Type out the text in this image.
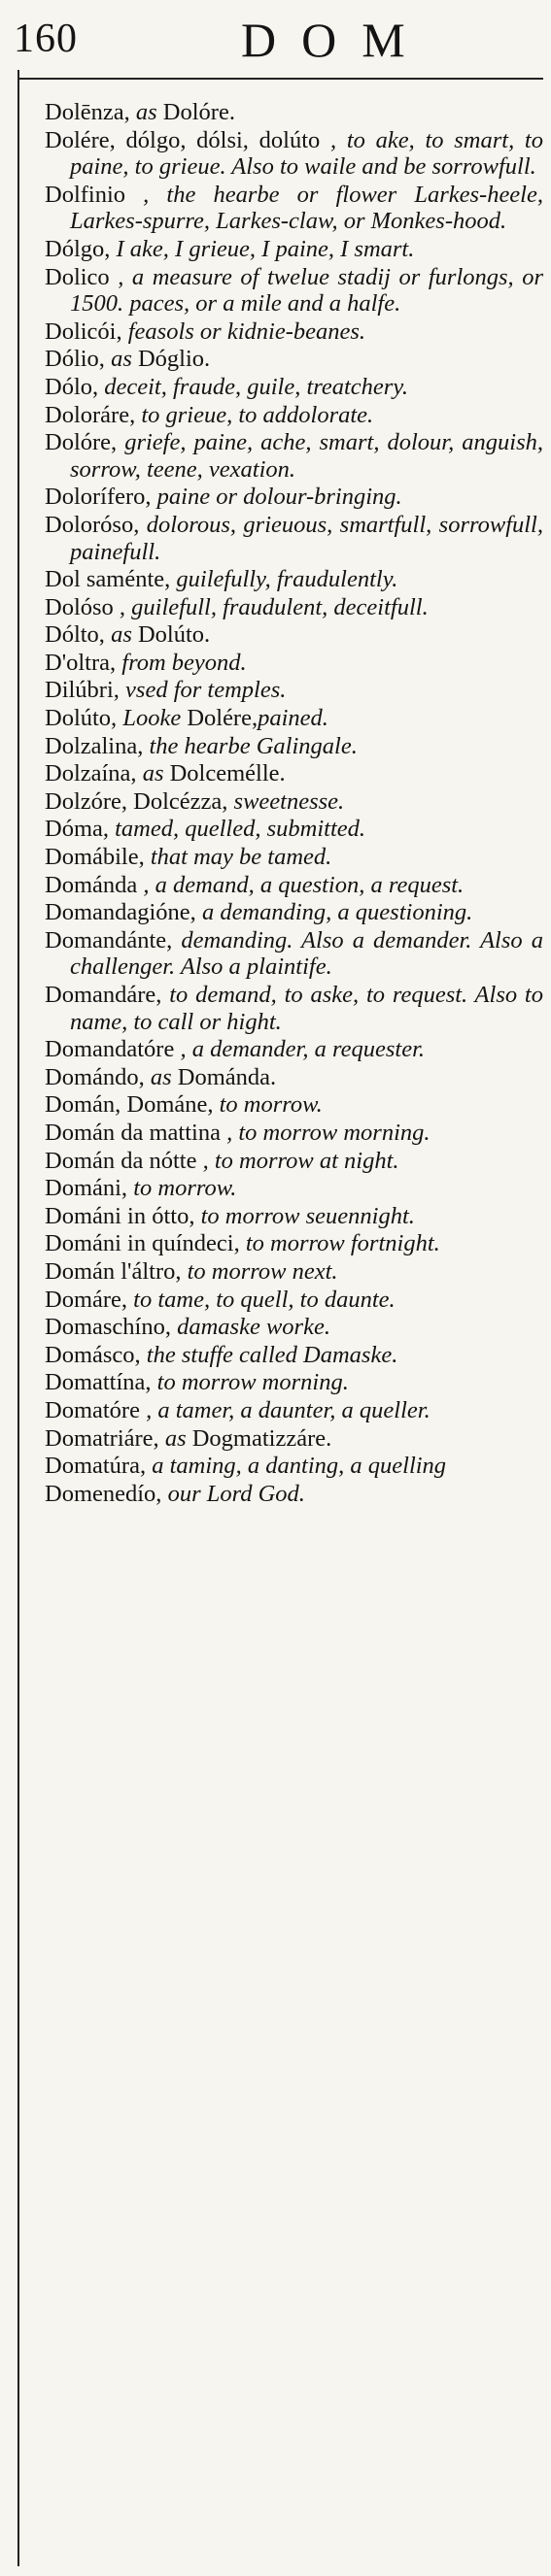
160	DOM
Dolēnza, as Dolóre.
Dolére, dólgo, dólsi, dolúto , to ake, to smart, to paine, to grieue. Also to waile and be sorrowfull.
Dolfinio , the hearbe or flower Larkes-heele, Larkes-spurre, Larkes-claw, or Monkes-hood.
Dólgo, I ake, I grieue, I paine, I smart.
Dolico , a measure of twelue stadij or furlongs, or 1500. paces, or a mile and a halfe.
Dolicói, feasols or kidnie-beanes.
Dólio, as Dóglio.
Dólo, deceit, fraude, guile, treatchery.
Doloráre, to grieue, to addolorate.
Dolóre, griefe, paine, ache, smart, dolour, anguish, sorrow, teene, vexation.
Dolorífero, paine or dolour-bringing.
Doloróso, dolorous, grieuous, smartfull, sorrowfull, painefull.
Dol saménte, guilefully, fraudulently.
Dolóso , guilefull, fraudulent, deceitfull.
Dólto, as Dolúto.
D'oltra, from beyond.
Dilúbri, vsed for temples.
Dolúto, Looke Dolére,pained.
Dolzalina, the hearbe Galingale.
Dolzaína, as Dolcemélle.
Dolzóre, Dolcézza, sweetnesse.
Dóma, tamed, quelled, submitted.
Domábile, that may be tamed.
Dománda , a demand, a question, a request.
Domandagióne, a demanding, a questioning.
Domandánte, demanding. Also a demander. Also a challenger. Also a plaintife.
Domandáre, to demand, to aske, to request. Also to name, to call or hight.
Domandatóre , a demander, a requester.
Domándo, as Dománda.
Domán, Dománe, to morrow.
Domán da mattina , to morrow morning.
Domán da nótte , to morrow at night.
Dománi, to morrow.
Dománi in ótto, to morrow seuennight.
Dománi in quíndeci, to morrow fortnight.
Domán l'áltro, to morrow next.
Domáre, to tame, to quell, to daunte.
Domaschíno, damaske worke.
Domásco, the stuffe called Damaske.
Domattína, to morrow morning.
Domatóre , a tamer, a daunter, a queller.
Domatriáre, as Dogmatizzáre.
Domatúra, a taming, a danting, a quelling
Domenedío, our Lord God.
